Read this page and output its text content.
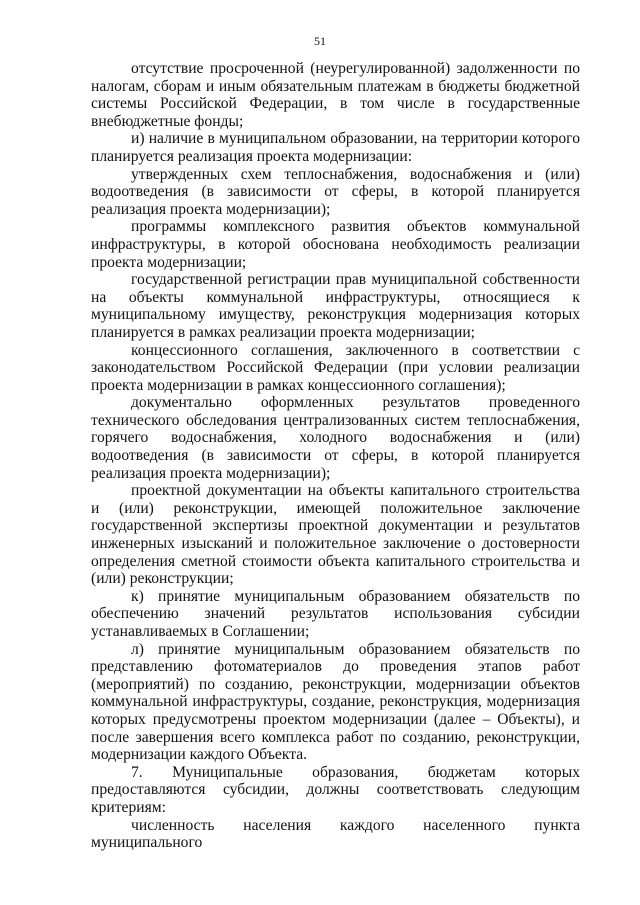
51

отсутствие просроченной (неурегулированной) задолженности по налогам, сборам и иным обязательным платежам в бюджеты бюджетной системы Российской Федерации, в том числе в государственные внебюджетные фонды;

и) наличие в муниципальном образовании, на территории которого планируется реализация проекта модернизации:

утвержденных схем теплоснабжения, водоснабжения и (или) водоотведения (в зависимости от сферы, в которой планируется реализация проекта модернизации);

программы комплексного развития объектов коммунальной инфраструктуры, в которой обоснована необходимость реализации проекта модернизации;

государственной регистрации прав муниципальной собственности на объекты коммунальной инфраструктуры, относящиеся к муниципальному имуществу, реконструкция модернизация которых планируется в рамках реализации проекта модернизации;

концессионного соглашения, заключенного в соответствии с законодательством Российской Федерации (при условии реализации проекта модернизации в рамках концессионного соглашения);

документально оформленных результатов проведенного технического обследования централизованных систем теплоснабжения, горячего водоснабжения, холодного водоснабжения и (или) водоотведения (в зависимости от сферы, в которой планируется реализация проекта модернизации);

проектной документации на объекты капитального строительства и (или) реконструкции, имеющей положительное заключение государственной экспертизы проектной документации и результатов инженерных изысканий и положительное заключение о достоверности определения сметной стоимости объекта капитального строительства и (или) реконструкции;

к) принятие муниципальным образованием обязательств по обеспечению значений результатов использования субсидии устанавливаемых в Соглашении;

л) принятие муниципальным образованием обязательств по представлению фотоматериалов до проведения этапов работ (мероприятий) по созданию, реконструкции, модернизации объектов коммунальной инфраструктуры, создание, реконструкция, модернизация которых предусмотрены проектом модернизации (далее – Объекты), и после завершения всего комплекса работ по созданию, реконструкции, модернизации каждого Объекта.

7. Муниципальные образования, бюджетам которых предоставляются субсидии, должны соответствовать следующим критериям:

численность населения каждого населенного пункта муниципального
